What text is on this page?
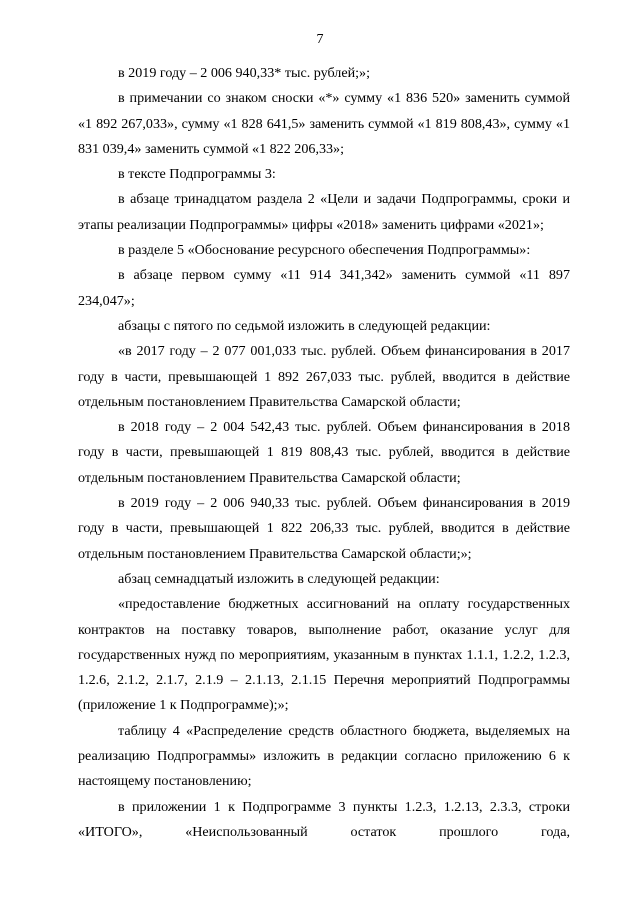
7

в 2019 году – 2 006 940,33* тыс. рублей;»;

в примечании со знаком сноски «*» сумму «1 836 520» заменить суммой «1 892 267,033», сумму «1 828 641,5» заменить суммой «1 819 808,43», сумму «1 831 039,4» заменить суммой «1 822 206,33»;

в тексте Подпрограммы 3:

в абзаце тринадцатом раздела 2 «Цели и задачи Подпрограммы, сроки и этапы реализации Подпрограммы» цифры «2018» заменить цифрами «2021»;

в разделе 5 «Обоснование ресурсного обеспечения Подпрограммы»:

в абзаце первом сумму «11 914 341,342» заменить суммой «11 897 234,047»;

абзацы с пятого по седьмой изложить в следующей редакции:

«в 2017 году – 2 077 001,033 тыс. рублей. Объем финансирования в 2017 году в части, превышающей 1 892 267,033 тыс. рублей, вводится в действие отдельным постановлением Правительства Самарской области;

в 2018 году – 2 004 542,43 тыс. рублей. Объем финансирования в 2018 году в части, превышающей 1 819 808,43 тыс. рублей, вводится в действие отдельным постановлением Правительства Самарской области;

в 2019 году – 2 006 940,33 тыс. рублей. Объем финансирования в 2019 году в части, превышающей 1 822 206,33 тыс. рублей, вводится в действие отдельным постановлением Правительства Самарской области;»;

абзац семнадцатый изложить в следующей редакции:

«предоставление бюджетных ассигнований на оплату государственных контрактов на поставку товаров, выполнение работ, оказание услуг для государственных нужд по мероприятиям, указанным в пунктах 1.1.1, 1.2.2, 1.2.3, 1.2.6, 2.1.2, 2.1.7, 2.1.9 – 2.1.13, 2.1.15 Перечня мероприятий Подпрограммы (приложение 1 к Подпрограмме);»;

таблицу 4 «Распределение средств областного бюджета, выделяемых на реализацию Подпрограммы» изложить в редакции согласно приложению 6 к настоящему постановлению;

в приложении 1 к Подпрограмме 3 пункты 1.2.3, 1.2.13, 2.3.3, строки «ИТОГО», «Неиспользованный остаток прошлого года,
